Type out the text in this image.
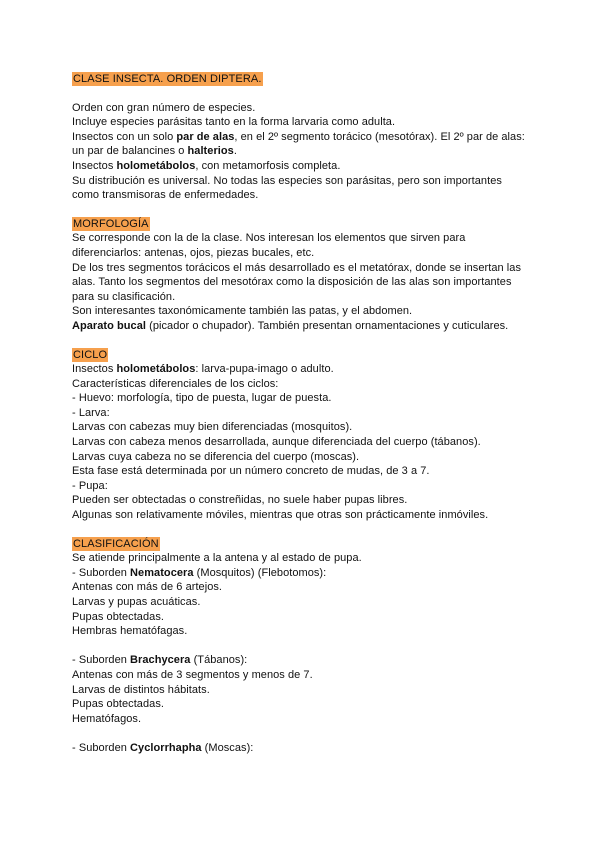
CLASE INSECTA. ORDEN DIPTERA.

Orden con gran número de especies.

Incluye especies parásitas tanto en la forma larvaria como adulta.

Insectos con un solo par de alas, en el 2º segmento torácico (mesotórax). El 2º par de alas:

un par de balancines o halterios.

Insectos holometábolos, con metamorfosis completa.

Su distribución es universal. No todas las especies son parásitas, pero son importantes

como transmisoras de enfermedades.

MORFOLOGÍA

Se corresponde con la de la clase. Nos interesan los elementos que sirven para

diferenciarlos: antenas, ojos, piezas bucales, etc.

De los tres segmentos torácicos el más desarrollado es el metatórax, donde se insertan las

alas. Tanto los segmentos del mesotórax como la disposición de las alas son importantes

para su clasificación.

Son interesantes taxonómicamente también las patas, y el abdomen.

Aparato bucal (picador o chupador). También presentan ornamentaciones y cuticulares.

CICLO

Insectos holometábolos: larva-pupa-imago o adulto.

Características diferenciales de los ciclos:

- Huevo: morfología, tipo de puesta, lugar de puesta.

- Larva:

Larvas con cabezas muy bien diferenciadas (mosquitos).

Larvas con cabeza menos desarrollada, aunque diferenciada del cuerpo (tábanos).

Larvas cuya cabeza no se diferencia del cuerpo (moscas).

Esta fase está determinada por un número concreto de mudas, de 3 a 7.

- Pupa:

Pueden ser obtectadas o constreñidas, no suele haber pupas libres.

Algunas son relativamente móviles, mientras que otras son prácticamente inmóviles.

CLASIFICACIÓN

Se atiende principalmente a la antena y al estado de pupa.

- Suborden Nematocera (Mosquitos) (Flebotomos):

Antenas con más de 6 artejos.

Larvas y pupas acuáticas.

Pupas obtectadas.

Hembras hematófagas.

- Suborden Brachycera (Tábanos):

Antenas con más de 3 segmentos y menos de 7.

Larvas de distintos hábitats.

Pupas obtectadas.

Hematófagos.

- Suborden Cyclorrhapha (Moscas):
